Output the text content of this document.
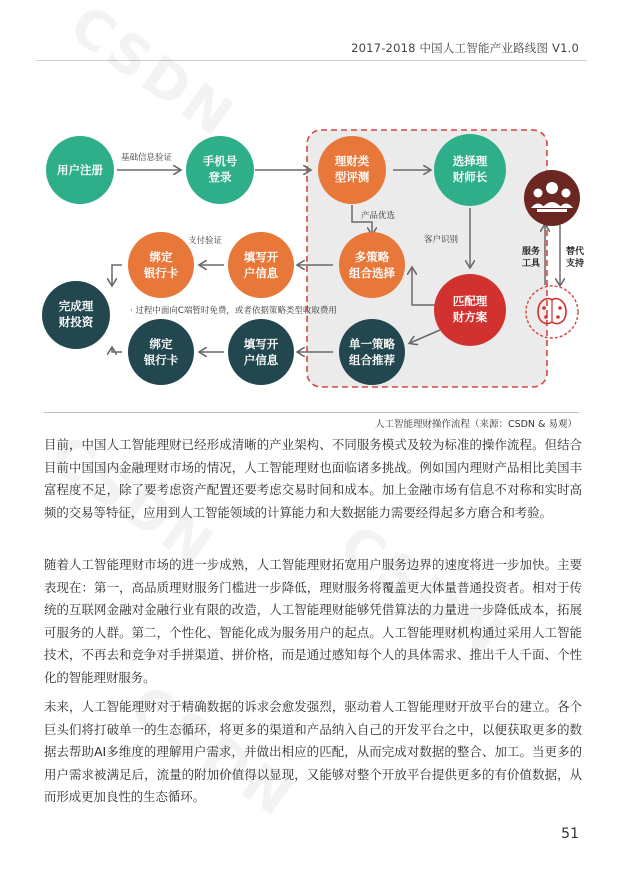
2017-2018 中国人工智能产业路线图 V1.0
基础信息验证
产品优选
客户识别
支付验证
· 过程中面向C端暂时免费，或者依据策略类型收取费用
用户注册
手机号
登录
理财类
型评测
选择理
财师长
多策略
组合选择
填写开
户信息
绑定
银行卡
完成理
财投资
绑定
银行卡
填写开
户信息
单一策略
组合推荐
匹配理
财方案
服务
工具
替代
支持
人工智能理财操作流程（来源：CSDN & 易观）

目前，中国人工智能理财已经形成清晰的产业架构、不同服务模式及较为标准的操作流程。但结合目前中国国内金融理财市场的情况，人工智能理财也面临诸多挑战。例如国内理财产品相比美国丰富程度不足，除了要考虑资产配置还要考虑交易时间和成本。加上金融市场有信息不对称和实时高频的交易等特征，应用到人工智能领域的计算能力和大数据能力需要经得起多方磨合和考验。

随着人工智能理财市场的进一步成熟，人工智能理财拓宽用户服务边界的速度将进一步加快。主要表现在：第一，高品质理财服务门槛进一步降低，理财服务将覆盖更大体量普通投资者。相对于传统的互联网金融对金融行业有限的改造，人工智能理财能够凭借算法的力量进一步降低成本，拓展可服务的人群。第二，个性化、智能化成为服务用户的起点。人工智能理财机构通过采用人工智能技术，不再去和竞争对手拼渠道、拼价格，而是通过感知每个人的具体需求、推出千人千面、个性化的智能理财服务。

未来，人工智能理财对于精确数据的诉求会愈发强烈，驱动着人工智能理财开放平台的建立。各个巨头们将打破单一的生态循环，将更多的渠道和产品纳入自己的开发平台之中，以便获取更多的数据去帮助AI多维度的理解用户需求，并做出相应的匹配，从而完成对数据的整合、加工。当更多的用户需求被满足后，流量的附加价值得以显现，又能够对整个开放平台提供更多的有价值数据，从而形成更加良性的生态循环。

51
